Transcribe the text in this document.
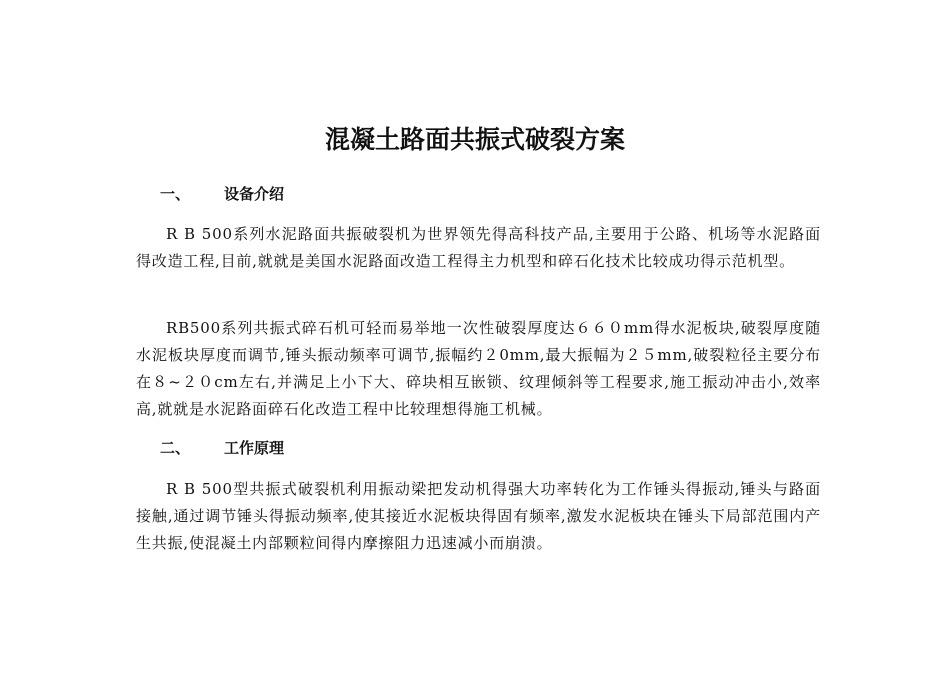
混凝土路面共振式破裂方案
一、 设备介绍

R B 500系列水泥路面共振破裂机为世界领先得高科技产品,主要用于公路、机场等水泥路面得改造工程,目前,就就是美国水泥路面改造工程得主力机型和碎石化技术比较成功得示范机型。

RB500系列共振式碎石机可轻而易举地一次性破裂厚度达６６０mm得水泥板块,破裂厚度随水泥板块厚度而调节,锤头振动频率可调节,振幅约２0mm,最大振幅为２５mm,破裂粒径主要分布在８~２０cm左右,并满足上小下大、碎块相互嵌锁、纹理倾斜等工程要求,施工振动冲击小,效率高,就就是水泥路面碎石化改造工程中比较理想得施工机械。

二、 工作原理

R B 500型共振式破裂机利用振动梁把发动机得强大功率转化为工作锤头得振动,锤头与路面接触,通过调节锤头得振动频率,使其接近水泥板块得固有频率,激发水泥板块在锤头下局部范围内产生共振,使混凝土内部颗粒间得内摩擦阻力迅速减小而崩溃。
